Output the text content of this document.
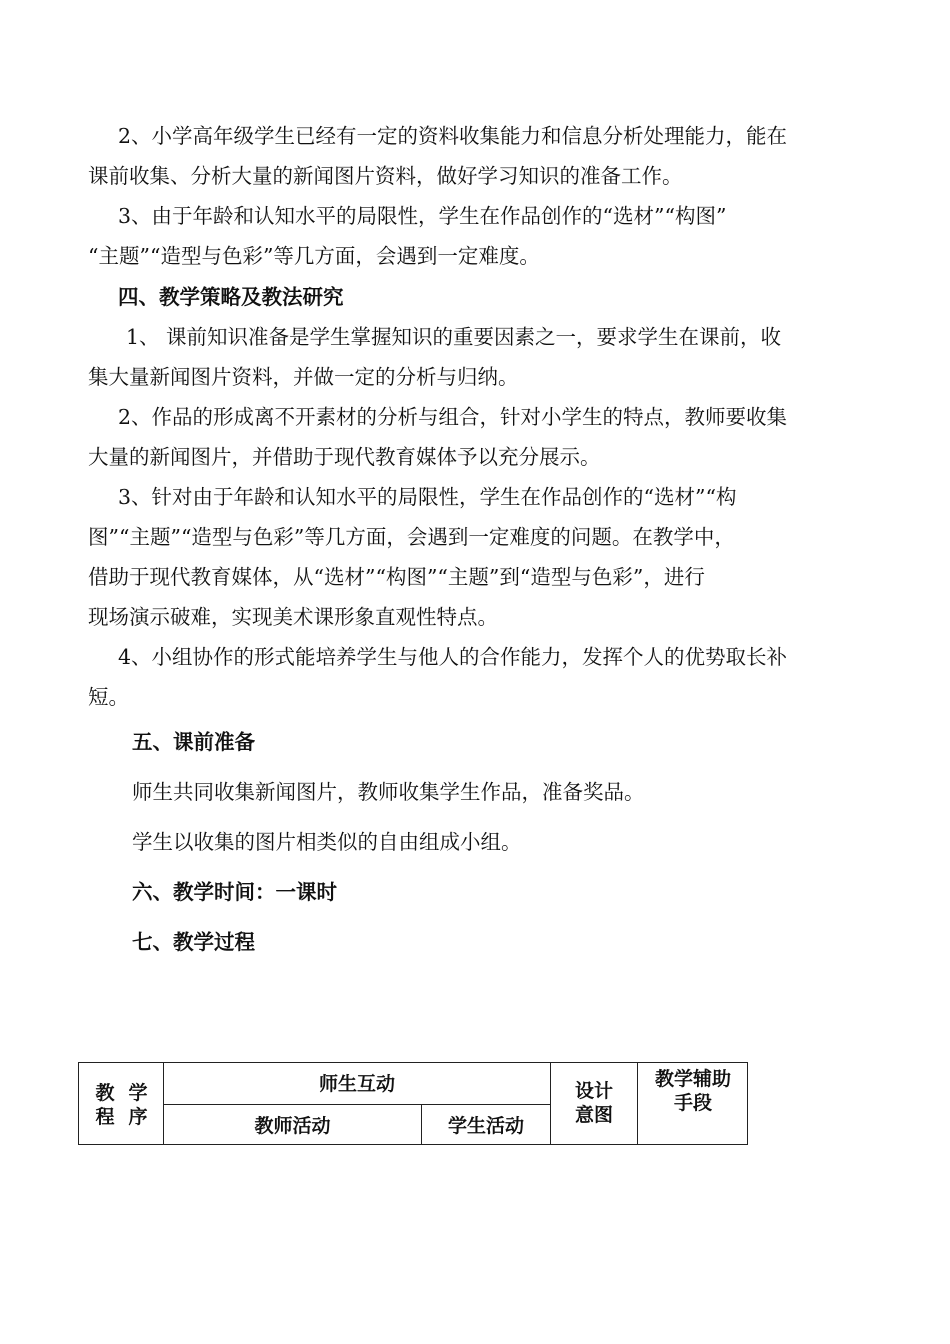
2、小学高年级学生已经有一定的资料收集能力和信息分析处理能力，能在
课前收集、分析大量的新闻图片资料，做好学习知识的准备工作。
3、由于年龄和认知水平的局限性，学生在作品创作的“选材”“构图”
“主题”“造型与色彩”等几方面，会遇到一定难度。
四、教学策略及教法研究
1、 课前知识准备是学生掌握知识的重要因素之一，要求学生在课前，收
集大量新闻图片资料，并做一定的分析与归纳。
2、作品的形成离不开素材的分析与组合，针对小学生的特点，教师要收集
大量的新闻图片，并借助于现代教育媒体予以充分展示。
3、针对由于年龄和认知水平的局限性，学生在作品创作的“选材”“构
图”“主题”“造型与色彩”等几方面，会遇到一定难度的问题。在教学中，
借助于现代教育媒体，从“选材”“构图”“主题”到“造型与色彩”，进行
现场演示破难，实现美术课形象直观性特点。
4、小组协作的形式能培养学生与他人的合作能力，发挥个人的优势取长补
短。
五、课前准备
师生共同收集新闻图片，教师收集学生作品，准备奖品。
学生以收集的图片相类似的自由组成小组。
六、教学时间：一课时
七、教学过程
教学
程序
师生互动
教师活动	学生活动
设计
意图
教学辅助
手段
